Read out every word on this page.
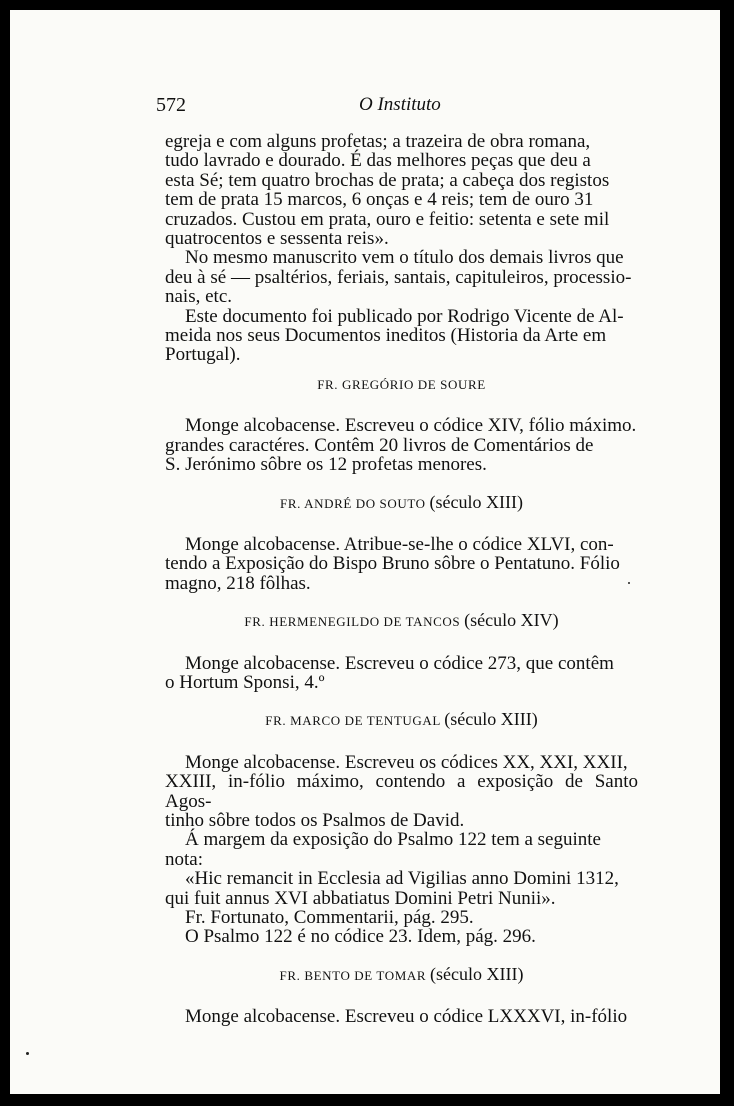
572	O Instituto

egreja e com alguns profetas; a trazeira de obra romana,

tudo lavrado e dourado. É das melhores peças que deu a

esta Sé; tem quatro brochas de prata; a cabeça dos registos

tem de prata 15 marcos, 6 onças e 4 reis; tem de ouro 31

cruzados. Custou em prata, ouro e feitio: setenta e sete mil

quatrocentos e sessenta reis».

No mesmo manuscrito vem o título dos demais livros que

deu à sé — psaltérios, feriais, santais, capituleiros, processio-

nais, etc.

Este documento foi publicado por Rodrigo Vicente de Al-

meida nos seus Documentos ineditos (Historia da Arte em

Portugal).

FR. GREGÓRIO DE SOURE

Monge alcobacense. Escreveu o códice XIV, fólio máximo.

grandes caractéres. Contêm 20 livros de Comentários de

S. Jerónimo sôbre os 12 profetas menores.

FR. ANDRÉ DO SOUTO (século XIII)

Monge alcobacense. Atribue-se-lhe o códice XLVI, con-

tendo a Exposição do Bispo Bruno sôbre o Pentatuno. Fólio

magno, 218 fôlhas.

FR. HERMENEGILDO DE TANCOS (século XIV)

Monge alcobacense. Escreveu o códice 273, que contêm

o Hortum Sponsi, 4.º

FR. MARCO DE TENTUGAL (século XIII)

Monge alcobacense. Escreveu os códices XX, XXI, XXII,

XXIII, in-fólio máximo, contendo a exposição de Santo Agos-

tinho sôbre todos os Psalmos de David.

Á margem da exposição do Psalmo 122 tem a seguinte

nota:

«Hic remancit in Ecclesia ad Vigilias anno Domini 1312,

qui fuit annus XVI abbatiatus Domini Petri Nunii».

Fr. Fortunato, Commentarii, pág. 295.

O Psalmo 122 é no códice 23. Idem, pág. 296.

FR. BENTO DE TOMAR (século XIII)

Monge alcobacense. Escreveu o códice LXXXVI, in-fólio
